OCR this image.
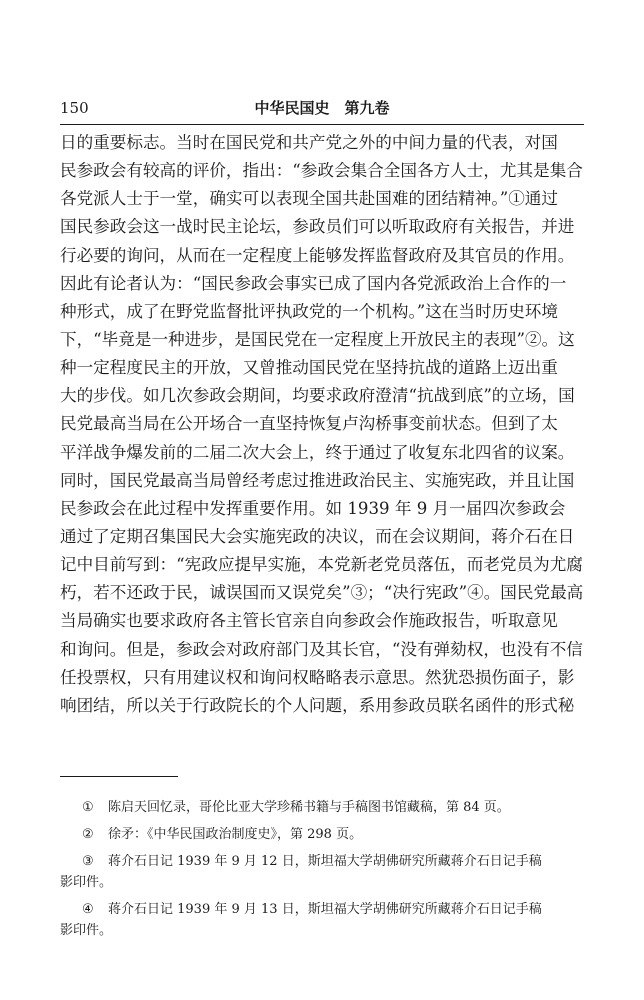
150	中华民国史　第九卷
日的重要标志。当时在国民党和共产党之外的中间力量的代表，对国
民参政会有较高的评价，指出：“参政会集合全国各方人士，尤其是集合
各党派人士于一堂，确实可以表现全国共赴国难的团结精神。”①通过
国民参政会这一战时民主论坛，参政员们可以听取政府有关报告，并进
行必要的询问，从而在一定程度上能够发挥监督政府及其官员的作用。
因此有论者认为：“国民参政会事实已成了国内各党派政治上合作的一
种形式，成了在野党监督批评执政党的一个机构。”这在当时历史环境
下，“毕竟是一种进步，是国民党在一定程度上开放民主的表现”②。这
种一定程度民主的开放，又曾推动国民党在坚持抗战的道路上迈出重
大的步伐。如几次参政会期间，均要求政府澄清“抗战到底”的立场，国
民党最高当局在公开场合一直坚持恢复卢沟桥事变前状态。但到了太
平洋战争爆发前的二届二次大会上，终于通过了收复东北四省的议案。
同时，国民党最高当局曾经考虑过推进政治民主、实施宪政，并且让国
民参政会在此过程中发挥重要作用。如 1939 年 9 月一届四次参政会
通过了定期召集国民大会实施宪政的决议，而在会议期间，蒋介石在日
记中目前写到：“宪政应提早实施，本党新老党员落伍，而老党员为尤腐
朽，若不还政于民，诚误国而又误党矣”③；“决行宪政”④。国民党最高
当局确实也要求政府各主管长官亲自向参政会作施政报告，听取意见
和询问。但是，参政会对政府部门及其长官，“没有弹劾权，也没有不信
任投票权，只有用建议权和询问权略略表示意思。然犹恐损伤面子，影
响团结，所以关于行政院长的个人问题，系用参政员联名函件的形式秘
① 陈启天回忆录，哥伦比亚大学珍稀书籍与手稿图书馆藏稿，第 84 页。
② 徐矛：《中华民国政治制度史》，第 298 页。
③ 蒋介石日记 1939 年 9 月 12 日，斯坦福大学胡佛研究所藏蒋介石日记手稿
影印件。
④ 蒋介石日记 1939 年 9 月 13 日，斯坦福大学胡佛研究所藏蒋介石日记手稿
影印件。
